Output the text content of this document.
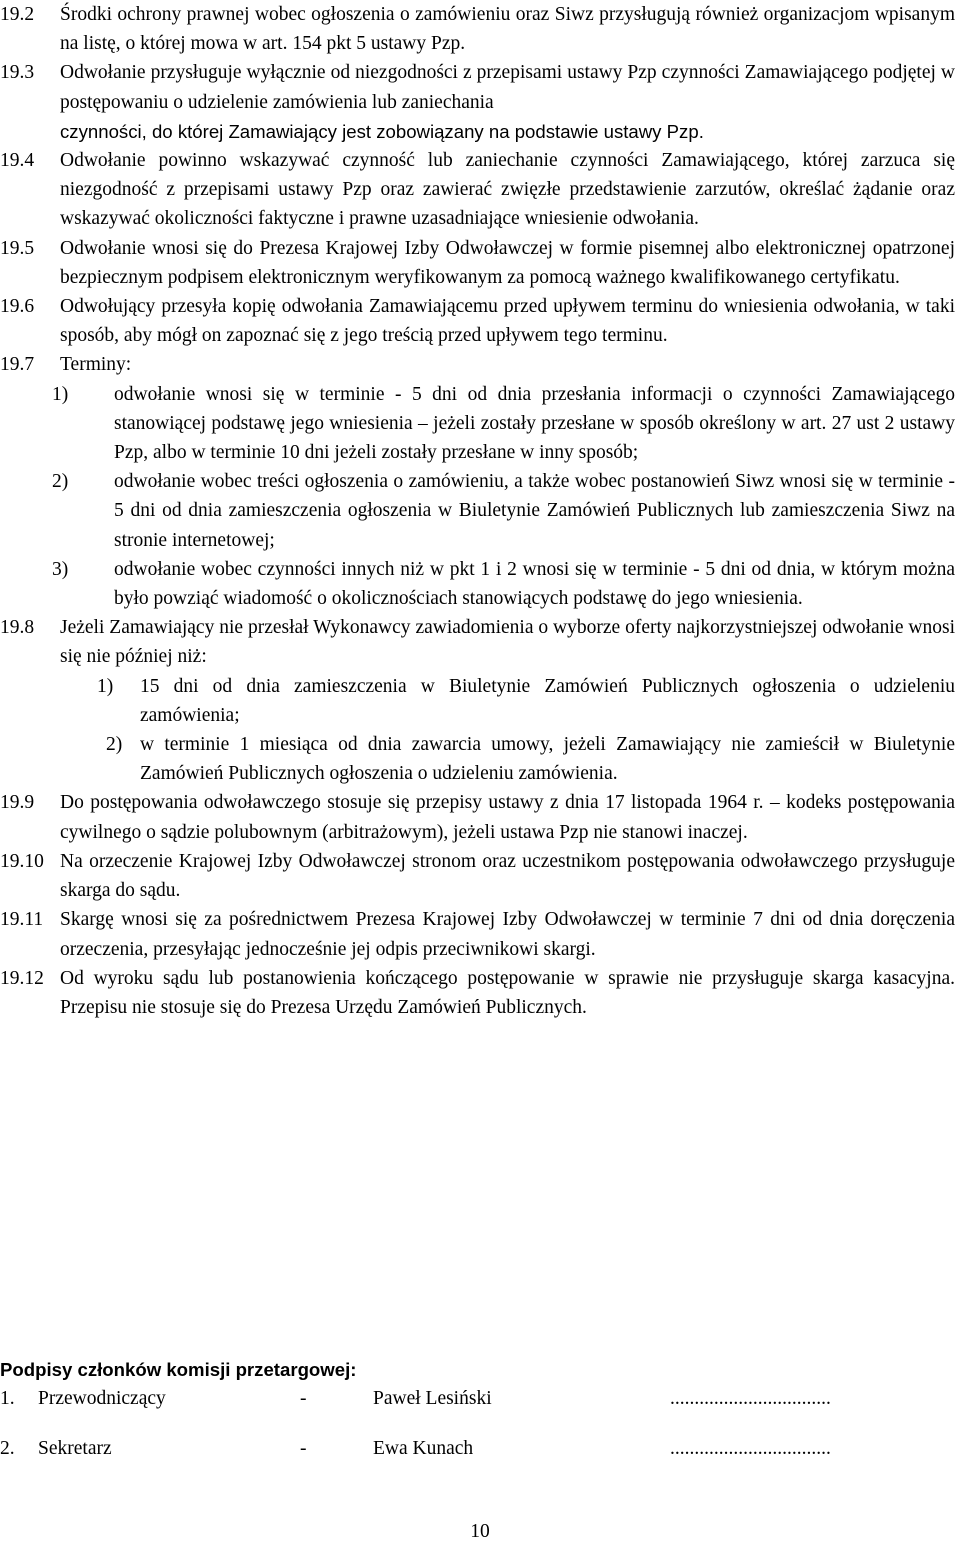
19.2 Środki ochrony prawnej wobec ogłoszenia o zamówieniu oraz Siwz przysługują również organizacjom wpisanym na listę, o której mowa w art. 154 pkt 5 ustawy Pzp.
19.3 Odwołanie przysługuje wyłącznie od niezgodności z przepisami ustawy Pzp czynności Zamawiającego podjętej w postępowaniu o udzielenie zamówienia lub zaniechania
czynności, do której Zamawiający jest zobowiązany na podstawie ustawy Pzp.
19.4 Odwołanie powinno wskazywać czynność lub zaniechanie czynności Zamawiającego, której zarzuca się niezgodność z przepisami ustawy Pzp oraz zawierać zwięzłe przedstawienie zarzutów, określać żądanie oraz wskazywać okoliczności faktyczne i prawne uzasadniające wniesienie odwołania.
19.5 Odwołanie wnosi się do Prezesa Krajowej Izby Odwoławczej w formie pisemnej albo elektronicznej opatrzonej bezpiecznym podpisem elektronicznym weryfikowanym za pomocą ważnego kwalifikowanego certyfikatu.
19.6 Odwołujący przesyła kopię odwołania Zamawiającemu przed upływem terminu do wniesienia odwołania, w taki sposób, aby mógł on zapoznać się z jego treścią przed upływem tego terminu.
19.7 Terminy:
1) odwołanie wnosi się w terminie - 5 dni od dnia przesłania informacji o czynności Zamawiającego stanowiącej podstawę jego wniesienia – jeżeli zostały przesłane w sposób określony w art. 27 ust 2 ustawy Pzp, albo w terminie 10 dni jeżeli zostały przesłane w inny sposób;
2) odwołanie wobec treści ogłoszenia o zamówieniu, a także wobec postanowień Siwz wnosi się w terminie - 5 dni od dnia zamieszczenia ogłoszenia w Biuletynie Zamówień Publicznych lub zamieszczenia Siwz na stronie internetowej;
3) odwołanie wobec czynności innych niż w pkt 1 i 2 wnosi się w terminie - 5 dni od dnia, w którym można było powziąć wiadomość o okolicznościach stanowiących podstawę do jego wniesienia.
19.8 Jeżeli Zamawiający nie przesłał Wykonawcy zawiadomienia o wyborze oferty najkorzystniejszej odwołanie wnosi się nie później niż:
1) 15 dni od dnia zamieszczenia w Biuletynie Zamówień Publicznych ogłoszenia o udzieleniu zamówienia;
2) w terminie 1 miesiąca od dnia zawarcia umowy, jeżeli Zamawiający nie zamieścił w Biuletynie Zamówień Publicznych ogłoszenia o udzieleniu zamówienia.
19.9 Do postępowania odwoławczego stosuje się przepisy ustawy z dnia 17 listopada 1964 r. – kodeks postępowania cywilnego o sądzie polubownym (arbitrażowym), jeżeli ustawa Pzp nie stanowi inaczej.
19.10 Na orzeczenie Krajowej Izby Odwoławczej stronom oraz uczestnikom postępowania odwoławczego przysługuje skarga do sądu.
19.11 Skargę wnosi się za pośrednictwem Prezesa Krajowej Izby Odwoławczej w terminie 7 dni od dnia doręczenia orzeczenia, przesyłając jednocześnie jej odpis przeciwnikowi skargi.
19.12 Od wyroku sądu lub postanowienia kończącego postępowanie w sprawie nie przysługuje skarga kasacyjna. Przepisu nie stosuje się do Prezesa Urzędu Zamówień Publicznych.
Podpisy członków komisji przetargowej:
1. Przewodniczący	-	Paweł Lesiński	.................................
2. Sekretarz	-	Ewa Kunach	.................................
10
